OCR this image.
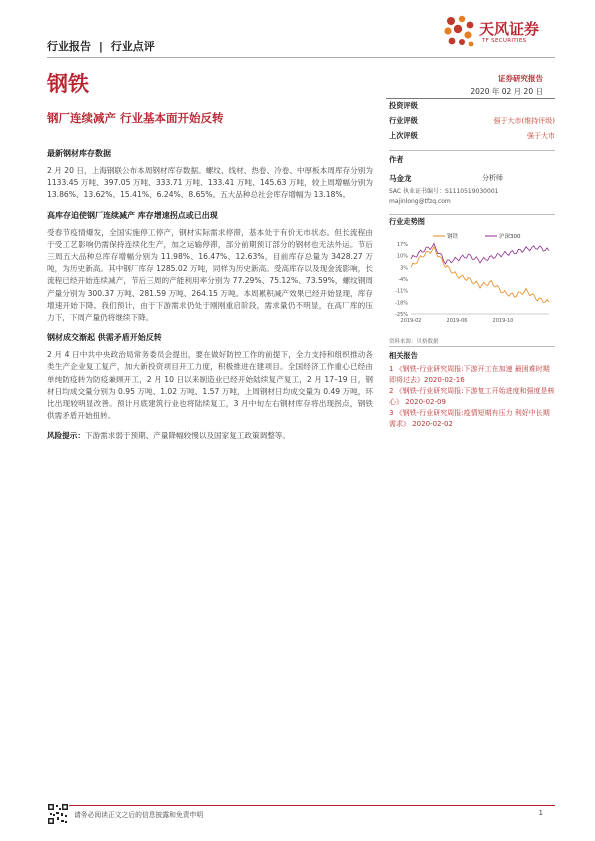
行业报告 | 行业点评
天风证券
TF SECURITIES
钢铁	证券研究报告
2020 年 02 月 20 日
钢厂连续减产 行业基本面开始反转
最新钢材库存数据
2 月 20 日，上海钢联公布本周钢材库存数据。螺纹、线材、热卷、冷卷、中厚板本周库存分别为 1133.45 万吨、397.05 万吨、333.71 万吨、133.41 万吨、145.63 万吨，较上周增幅分别为 13.86%、13.62%、15.41%、6.24%、8.65%。五大品种总社会库存增幅为 13.18%。
高库存迫使钢厂连续减产 库存增速拐点或已出现
受春节疫情爆发，全国实施停工停产，钢材实际需求停滞，基本处于有价无市状态。但长流程由于受工艺影响仍需保持连续化生产，加之运输停滞，部分前期预订部分的钢材也无法外运。节后三周五大品种总库存增幅分别为 11.98%、16.47%、12.63%，目前库存总量为 3428.27 万吨，为历史新高。其中钢厂库存 1285.02 万吨，同样为历史新高。受高库存以及现金流影响，长流程已经开始连续减产，节后三周的产能利用率分别为 77.29%、75.12%、73.59%，螺纹钢周产量分别为 300.37 万吨、281.59 万吨、264.15 万吨。本周累积减产效果已经开始显现，库存增速开始下降。我们预计，由于下游需求仍处于刚刚重启阶段，需求量仍不明显，在高厂库的压力下，下周产量仍将继续下降。
钢材成交渐起 供需矛盾开始反转
2 月 4 日中共中央政治局常务委员会提出，要在做好防控工作的前提下，全力支持和组织推动各类生产企业复工复产，加大新投资项目开工力度，积极推进在建项目。全国经济工作重心已经由单纯防疫转为防疫兼顾开工，2 月 10 日以来制造业已经开始陆续复产复工，2 月 17–19 日，钢材日均成交量分别为 0.95 万吨、1.02 万吨、1.57 万吨，上周钢材日均成交量为 0.49 万吨，环比出现较明显改善。预计月底建筑行业也将陆续复工，3 月中旬左右钢材库存将出现拐点，钢铁供需矛盾开始扭转。
风险提示：下游需求弱于预期、产量降幅较慢以及国家复工政策调整等。
投资评级
行业评级	强于大市(维持评级)
上次评级	强于大市
作者
马金龙	分析师
SAC 执业证书编号：S1110519030001
majinlong@tfzq.com
行业走势图
17%
10%
3%
-4%
-11%
-18%
-25%
2019-02	2019-06	2019-10
钢铁	沪深300
资料来源：贝格数据
相关报告
1 《钢铁-行业研究周报:下游开工在加速 最困难时期即将过去》2020-02-16
2 《钢铁-行业研究周报:下游复工开始进度和强度是核心》 2020-02-09
3 《钢铁-行业研究周报:疫情短期有压力 利好中长期需求》 2020-02-02
请务必阅读正文之后的信息披露和免责申明	1
